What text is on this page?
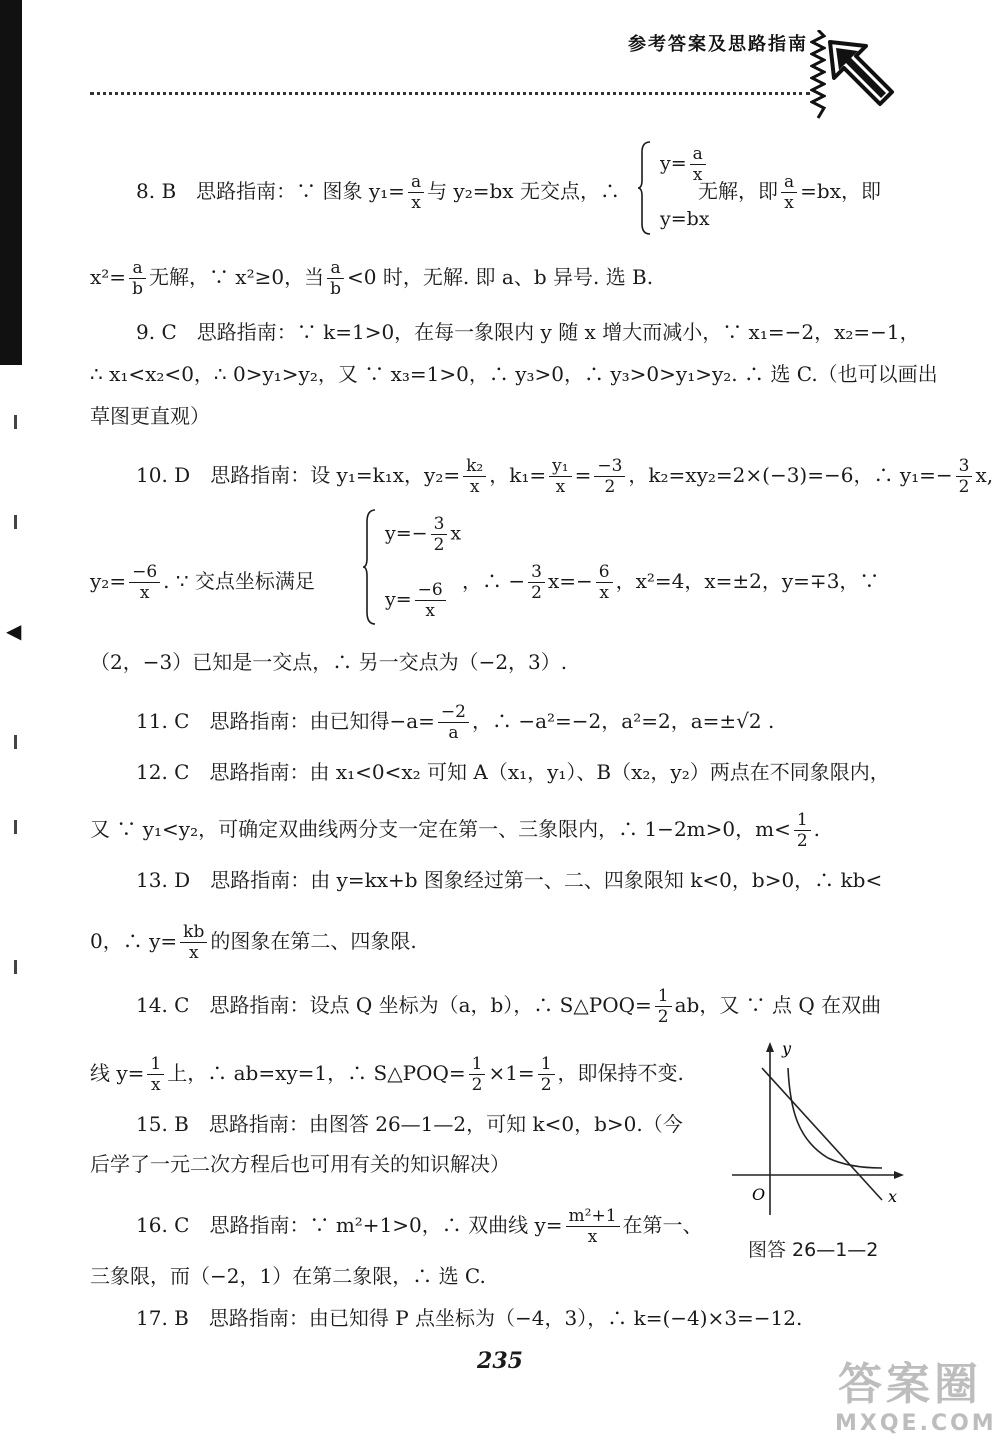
◀
参考答案及思路指南
8. B　思路指南：∵ 图象 $y_1= \frac{a}{x}$ 与 y₂=bx 无交点，∴
$y= \frac{a}{x}$
y=bx
无解，即 $\frac{a}{x} =bx$，即
$x^2= \frac{a}{b}$ 无解，∵ x²≥0，当 $\frac{a}{b} <0$ 时，无解. 即 a、b 异号. 选 B.
9. C　思路指南：∵ k=1>0，在每一象限内 y 随 x 增大而减小，∵ x₁=−2，x₂=−1，
∴ x₁<x₂<0，∴ 0>y₁>y₂，又 ∵ x₃=1>0，∴ y₃>0，∴ y₃>0>y₁>y₂. ∴ 选 C.（也可以画出
草图更直观）
10. D　思路指南：设 y₁=k₁x，$y_2= \frac{\text{k₂}}{x}$ ，$k_1= \frac{\text{y₁}}{x} = \frac{-3}{2}$ ，k₂=xy₂=2×(−3)=−6，∴ $y_1=- \frac{3}{2} x$,
$y_2= \frac{-6}{x}$ . ∵ 交点坐标满足
$y=- \frac{3}{2}$ x
$y= \frac{-6}{x}$ ，∴ − $\frac{3}{2} x=- \frac{6}{x}$ ，x²=4，x=±2，y=∓3，∵
（2，−3）已知是一交点，∴ 另一交点为（−2，3）.
11. C　思路指南：由已知得$-a= \frac{-2}{a}$ ，∴ −a²=−2，a²=2，a=±√2 .
12. C　思路指南：由 x₁<0<x₂ 可知 A（x₁，y₁）、B（x₂，y₂）两点在不同象限内，
又 ∵ y₁<y₂，可确定双曲线两分支一定在第一、三象限内，∴ 1−2m>0，$m< \frac{1}{2}$ .
13. D　思路指南：由 y=kx+b 图象经过第一、二、四象限知 k<0，b>0，∴ kb<
0，∴ $y= \frac{kb}{x}$ 的图象在第二、四象限.
14. C　思路指南：设点 Q 坐标为（a，b），∴ S△POQ= $\frac{1}{2}$ ab，又 ∵ 点 Q 在双曲
线 $y= \frac{1}{x}$ 上，∴ ab=xy=1，∴ S△POQ= $\frac{1}{2} \times 1= \frac{1}{2}$ ，即保持不变.
15. B　思路指南：由图答 26—1—2，可知 k<0，b>0.（今
后学了一元二次方程后也可用有关的知识解决）
16. C　思路指南：∵ m²+1>0，∴ 双曲线 $y= \frac{\text{m²+1}}{x}$ 在第一、
三象限，而（−2，1）在第二象限，∴ 选 C.
17. B　思路指南：由已知得 P 点坐标为（−4，3），∴ k=(−4)×3=−12.
y
x
O
图答 26—1—2
235	答案圈
MXQE.COM
